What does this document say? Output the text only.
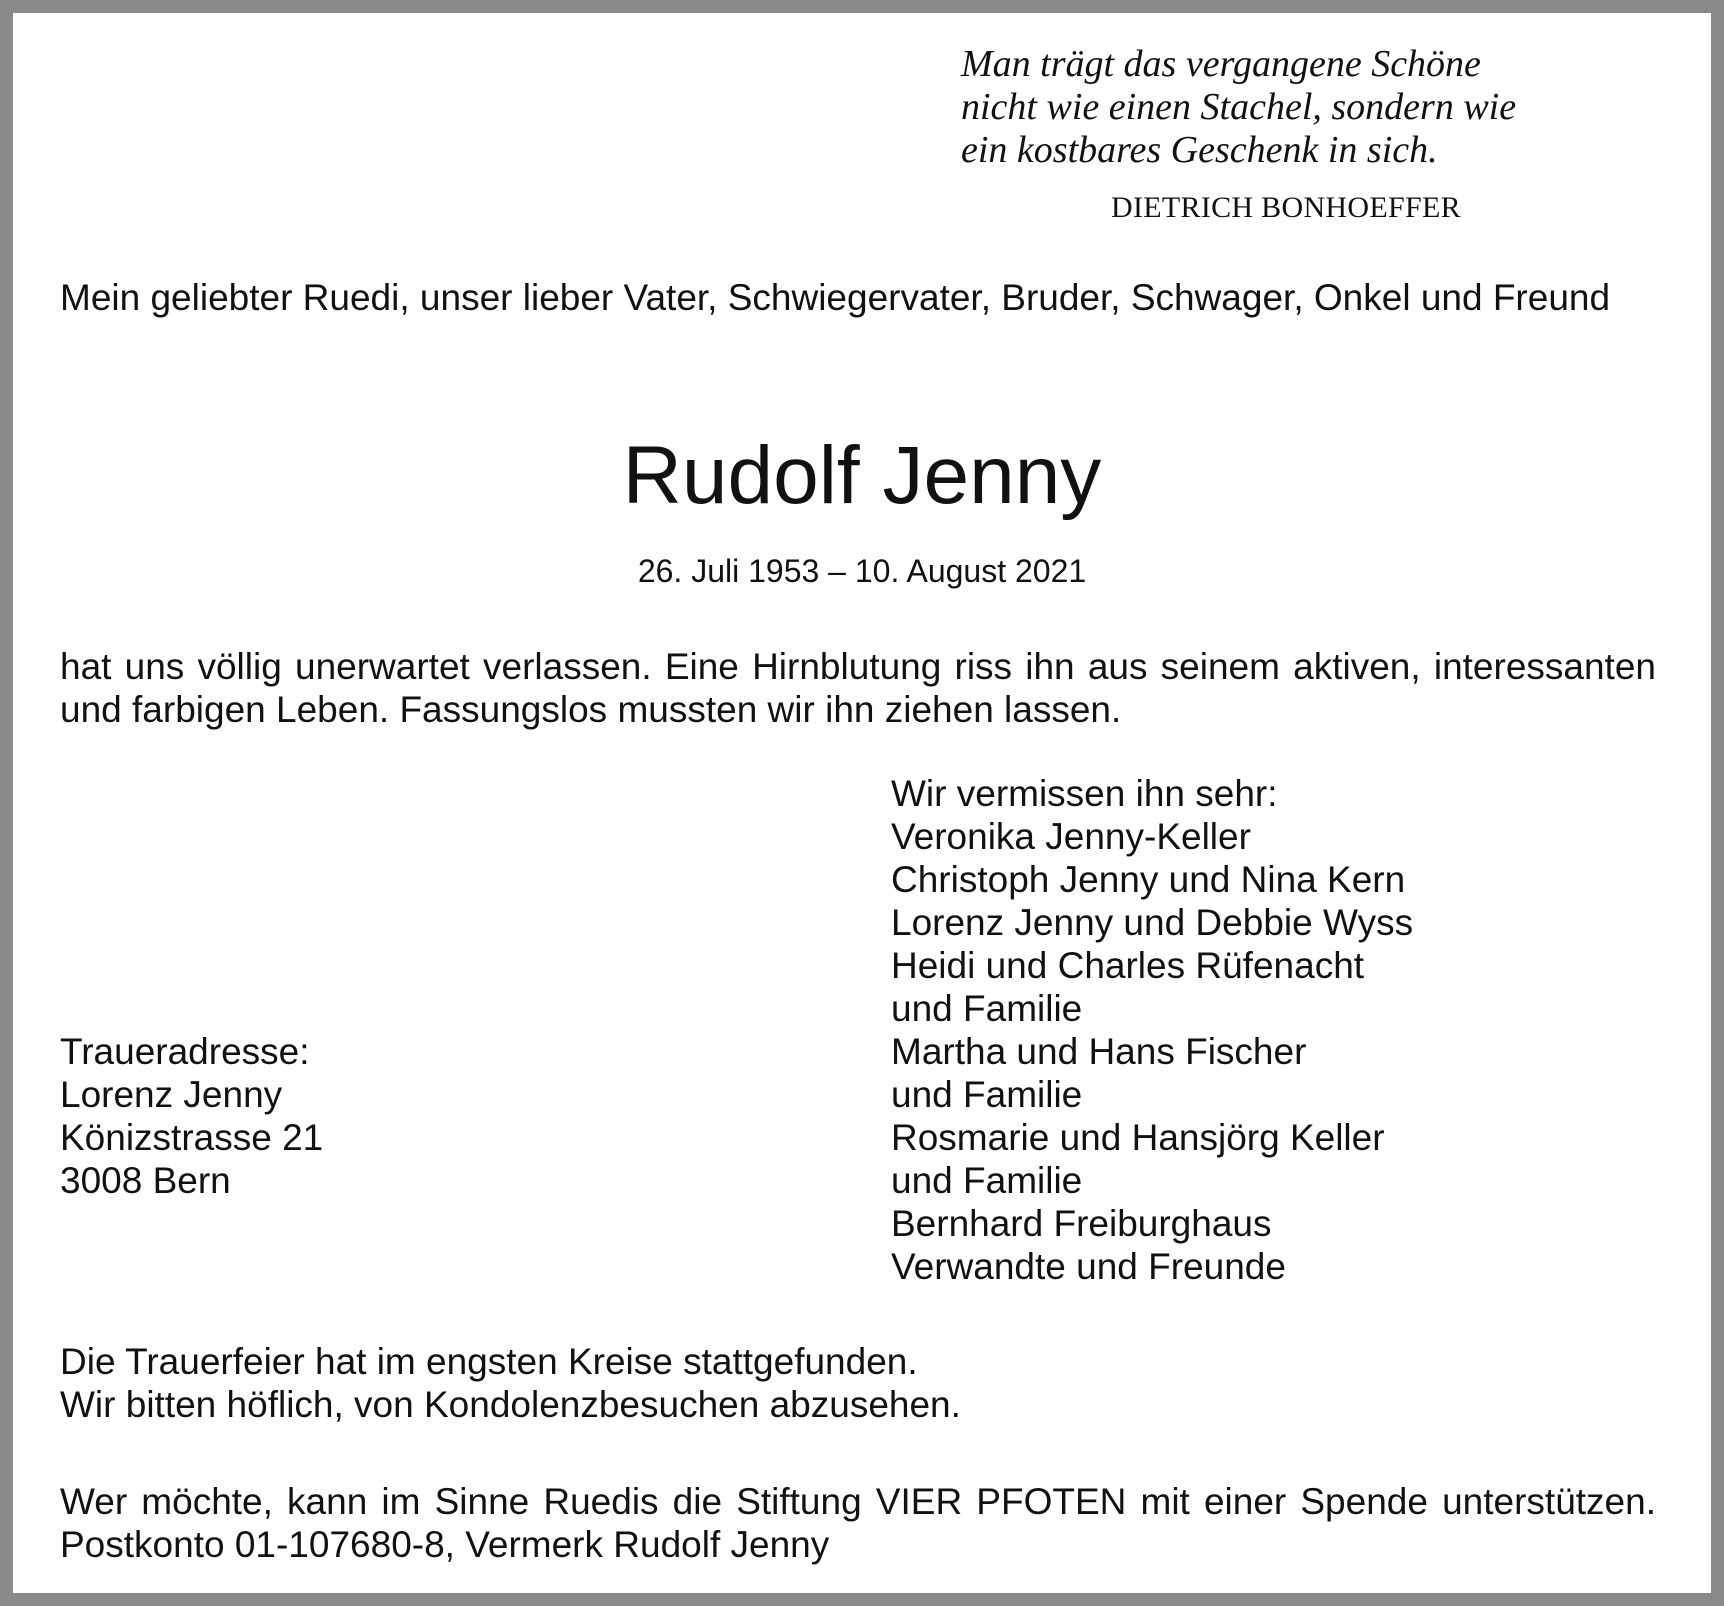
Man trägt das vergangene Schöne
nicht wie einen Stachel, sondern wie
ein kostbares Geschenk in sich.
DIETRICH BONHOEFFER
Mein geliebter Ruedi, unser lieber Vater, Schwiegervater, Bruder, Schwager, Onkel und Freund
Rudolf Jenny
26. Juli 1953 – 10. August 2021
hat uns völlig unerwartet verlassen. Eine Hirnblutung riss ihn aus seinem aktiven, interessanten und farbigen Leben. Fassungslos mussten wir ihn ziehen lassen.
Wir vermissen ihn sehr:
Veronika Jenny-Keller
Christoph Jenny und Nina Kern
Lorenz Jenny und Debbie Wyss
Heidi und Charles Rüfenacht
und Familie
Martha und Hans Fischer
und Familie
Rosmarie und Hansjörg Keller
und Familie
Bernhard Freiburghaus
Verwandte und Freunde
Traueradresse:
Lorenz Jenny
Könizstrasse 21
3008 Bern
Die Trauerfeier hat im engsten Kreise stattgefunden.
Wir bitten höflich, von Kondolenzbesuchen abzusehen.
Wer möchte, kann im Sinne Ruedis die Stiftung VIER PFOTEN mit einer Spende unterstützen. Postkonto 01-107680-8, Vermerk Rudolf Jenny
